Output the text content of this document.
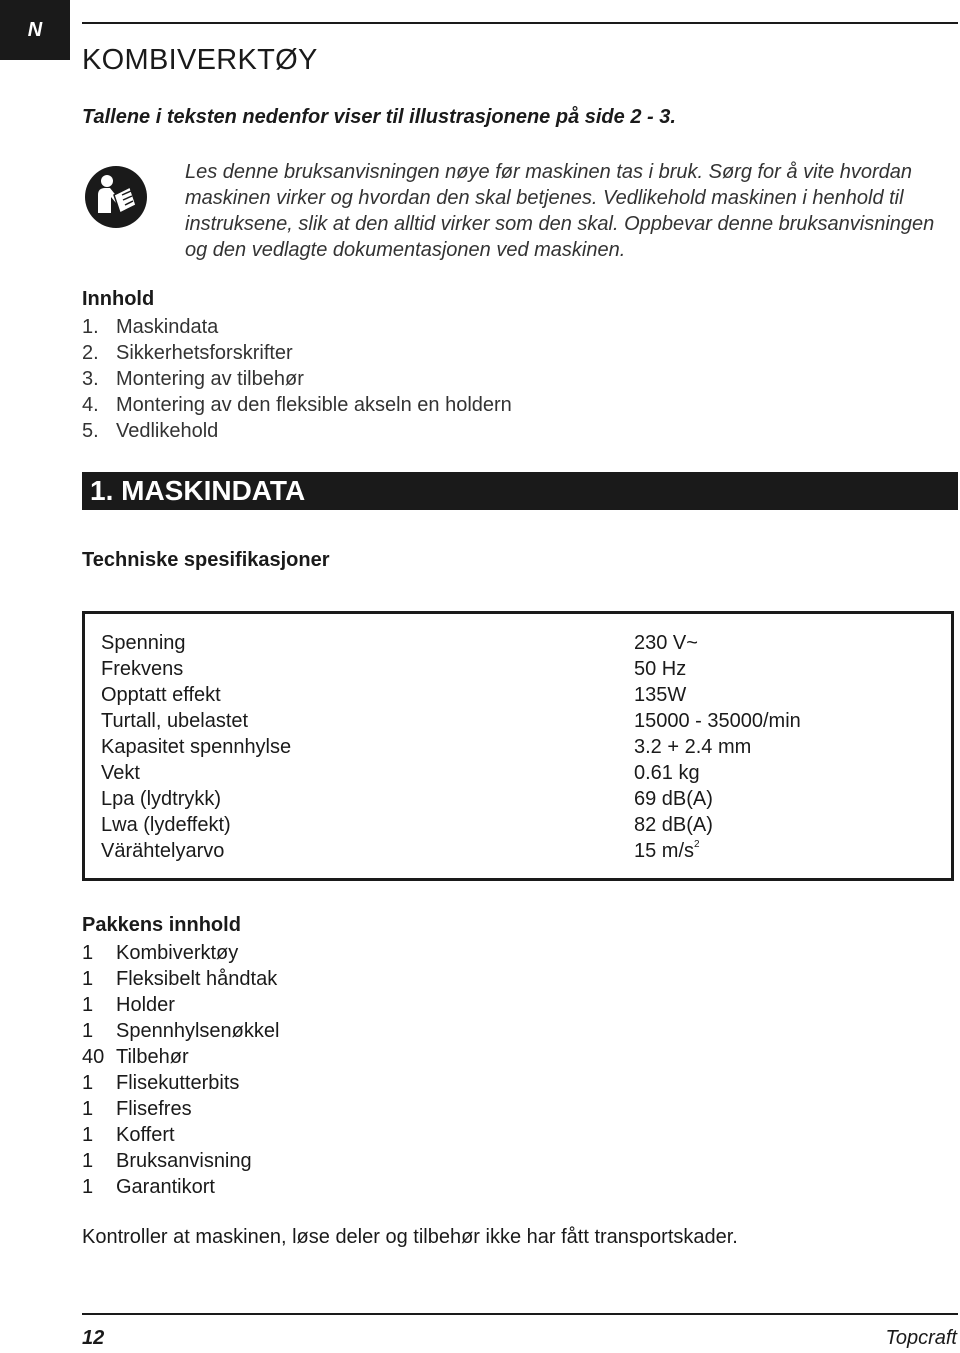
N
KOMBIVERKTØY
Tallene i teksten nedenfor viser til illustrasjonene på side 2 - 3.
Les denne bruksanvisningen nøye før maskinen tas i bruk. Sørg for å vite hvordan maskinen virker og hvordan den skal betjenes. Vedlikehold maskinen i henhold til instruksene, slik at den alltid virker som den skal. Oppbevar denne bruksanvisningen og den vedlagte dokumentasjonen ved maskinen.
Innhold
1. Maskindata
2. Sikkerhetsforskrifter
3. Montering av tilbehør
4. Montering av den fleksible akseln en holdern
5. Vedlikehold
1. MASKINDATA
Techniske spesifikasjoner
Spenning	230 V~
Frekvens	50 Hz
Opptatt effekt	135W
Turtall, ubelastet	15000 - 35000/min
Kapasitet spennhylse	3.2 + 2.4 mm
Vekt	0.61 kg
Lpa (lydtrykk)	69 dB(A)
Lwa (lydeffekt)	82 dB(A)
Värähtelyarvo	15 $m/s^2$
Pakkens innhold
1 Kombiverktøy
1 Fleksibelt håndtak
1 Holder
1 Spennhylsenøkkel
40 Tilbehør
1 Flisekutterbits
1 Flisefres
1 Koffert
1 Bruksanvisning
1 Garantikort
Kontroller at maskinen, løse deler og tilbehør ikke har fått transportskader.
12	Topcraft
